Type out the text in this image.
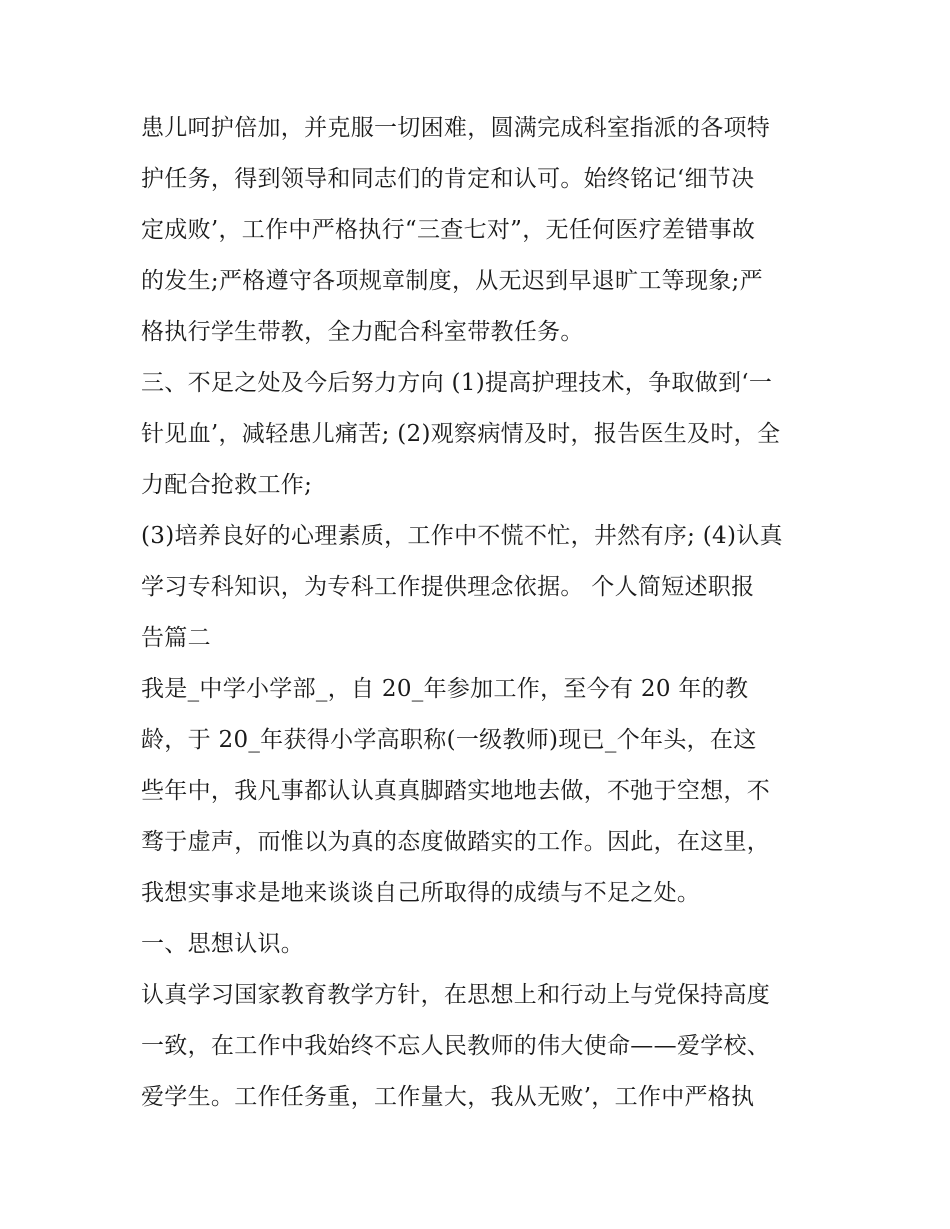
患儿呵护倍加，并克服一切困难，圆满完成科室指派的各项特
护任务，得到领导和同志们的肯定和认可。始终铭记‘细节决
定成败’，工作中严格执行“三查七对”，无任何医疗差错事故
的发生;严格遵守各项规章制度，从无迟到早退旷工等现象;严
格执行学生带教，全力配合科室带教任务。
三、不足之处及今后努力方向 (1)提高护理技术，争取做到‘一
针见血’，减轻患儿痛苦; (2)观察病情及时，报告医生及时，全
力配合抢救工作;
(3)培养良好的心理素质，工作中不慌不忙，井然有序; (4)认真
学习专科知识，为专科工作提供理念依据。 个人简短述职报
告篇二
我是_中学小学部_，自 20_年参加工作，至今有 20 年的教
龄，于 20_年获得小学高职称(一级教师)现已_个年头，在这
些年中，我凡事都认认真真脚踏实地地去做，不弛于空想，不
骛于虚声，而惟以为真的态度做踏实的工作。因此，在这里，
我想实事求是地来谈谈自己所取得的成绩与不足之处。
一、思想认识。
认真学习国家教育教学方针，在思想上和行动上与党保持高度
一致，在工作中我始终不忘人民教师的伟大使命——爱学校、
爱学生。工作任务重，工作量大，我从无败’，工作中严格执
